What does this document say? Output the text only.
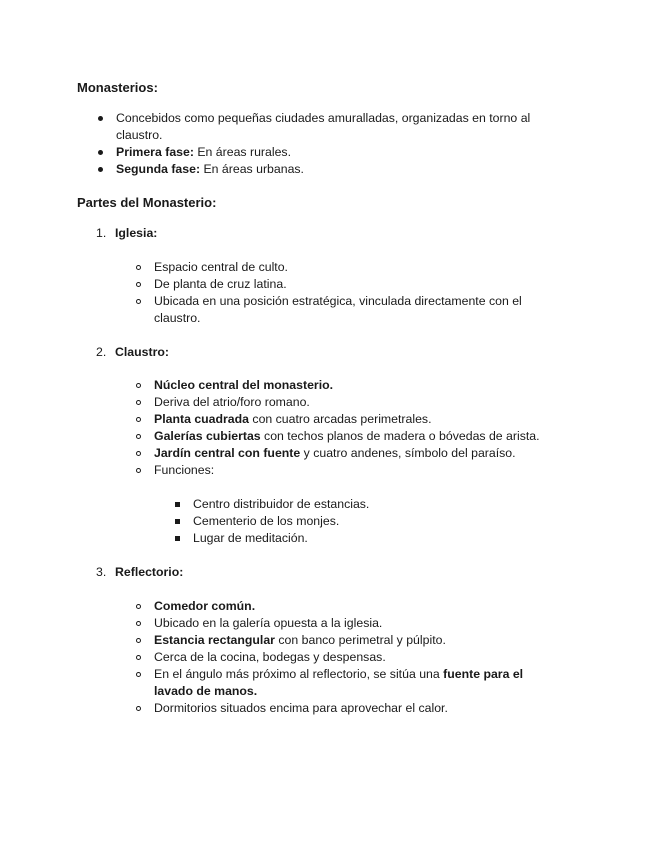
Monasterios:
Concebidos como pequeñas ciudades amuralladas, organizadas en torno al
claustro.
Primera fase: En áreas rurales.
Segunda fase: En áreas urbanas.
Partes del Monasterio:
1. Iglesia:
Espacio central de culto.
De planta de cruz latina.
Ubicada en una posición estratégica, vinculada directamente con el
claustro.
2. Claustro:
Núcleo central del monasterio.
Deriva del atrio/foro romano.
Planta cuadrada con cuatro arcadas perimetrales.
Galerías cubiertas con techos planos de madera o bóvedas de arista.
Jardín central con fuente y cuatro andenes, símbolo del paraíso.
Funciones:
Centro distribuidor de estancias.
Cementerio de los monjes.
Lugar de meditación.
3. Reflectorio:
Comedor común.
Ubicado en la galería opuesta a la iglesia.
Estancia rectangular con banco perimetral y púlpito.
Cerca de la cocina, bodegas y despensas.
En el ángulo más próximo al reflectorio, se sitúa una fuente para el
lavado de manos.
Dormitorios situados encima para aprovechar el calor.
